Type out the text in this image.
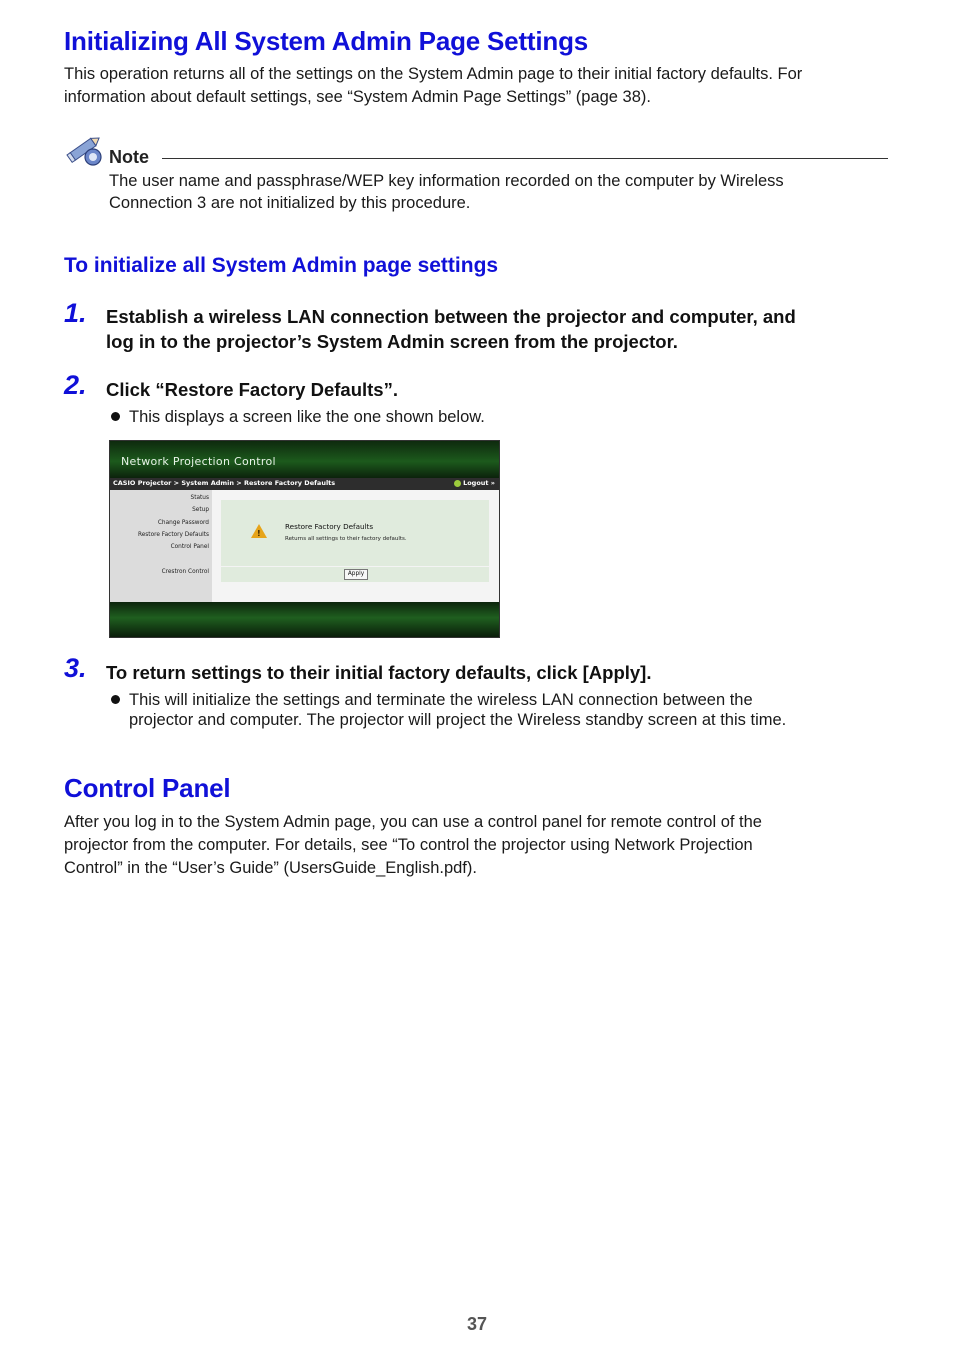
Initializing All System Admin Page Settings
This operation returns all of the settings on the System Admin page to their initial factory defaults. For
information about default settings, see “System Admin Page Settings” (page 38).
Note
The user name and passphrase/WEP key information recorded on the computer by Wireless
Connection 3 are not initialized by this procedure.
To initialize all System Admin page settings
1. Establish a wireless LAN connection between the projector and computer, and
log in to the projector’s System Admin screen from the projector.
2. Click “Restore Factory Defaults”.
This displays a screen like the one shown below.
Network Projection Control
CASIO Projector > System Admin > Restore Factory Defaults	Logout »
Status
Setup
Change Password
Restore Factory Defaults
Control Panel
Crestron Control
!
Restore Factory Defaults
Returns all settings to their factory defaults.
Apply
3. To return settings to their initial factory defaults, click [Apply].
This will initialize the settings and terminate the wireless LAN connection between the
projector and computer. The projector will project the Wireless standby screen at this time.
Control Panel
After you log in to the System Admin page, you can use a control panel for remote control of the
projector from the computer. For details, see “To control the projector using Network Projection
Control” in the “User’s Guide” (UsersGuide_English.pdf).
37
